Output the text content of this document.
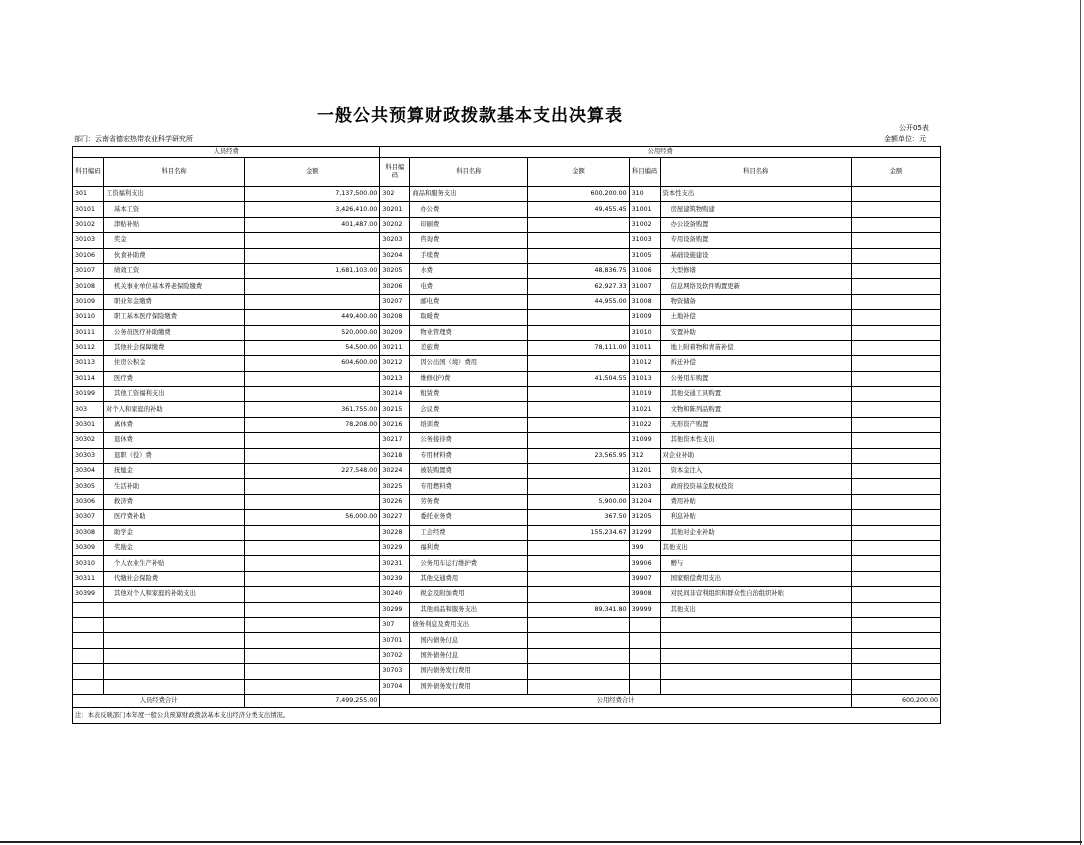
一般公共预算财政拨款基本支出决算表
公开05表
部门：云南省德宏热带农业科学研究所	金额单位：元
人员经费			公用经费					
科目编码	科目名称	金额	科目编码	科目名称	金额	科目编码	科目名称	金额
301	工资福利支出	7,137,500.00	302	商品和服务支出	600,200.00	310	资本性支出	
30101	基本工资	3,426,410.00	30201	办公费	49,455.45	31001	房屋建筑物购建	
30102	津贴补贴	401,487.00	30202	印刷费		31002	办公设备购置	
30103	奖金		30203	咨询费		31003	专用设备购置	
30106	伙食补助费		30204	手续费		31005	基础设施建设	
30107	绩效工资	1,681,103.00	30205	水费	48,836.75	31006	大型修缮	
30108	机关事业单位基本养老保险缴费		30206	电费	62,927.33	31007	信息网络及软件购置更新	
30109	职业年金缴费		30207	邮电费	44,955.00	31008	物资储备	
30110	职工基本医疗保险缴费	449,400.00	30208	取暖费		31009	土地补偿	
30111	公务员医疗补助缴费	520,000.00	30209	物业管理费		31010	安置补助	
30112	其他社会保障缴费	54,500.00	30211	差旅费	78,111.00	31011	地上附着物和青苗补偿	
30113	住房公积金	604,600.00	30212	因公出国（境）费用		31012	拆迁补偿	
30114	医疗费		30213	维修(护)费	41,504.55	31013	公务用车购置	
30199	其他工资福利支出		30214	租赁费		31019	其他交通工具购置	
303	对个人和家庭的补助	361,755.00	30215	会议费		31021	文物和陈列品购置	
30301	离休费	78,208.00	30216	培训费		31022	无形资产购置	
30302	退休费		30217	公务接待费		31099	其他资本性支出	
30303	退职（役）费		30218	专用材料费	23,565.95	312	对企业补助	
30304	抚恤金	227,548.00	30224	被装购置费		31201	资本金注入	
30305	生活补助		30225	专用燃料费		31203	政府投资基金股权投资	
30306	救济费		30226	劳务费	5,900.00	31204	费用补贴	
30307	医疗费补助	56,000.00	30227	委托业务费	367.50	31205	利息补贴	
30308	助学金		30228	工会经费	155,234.67	31299	其他对企业补助	
30309	奖励金		30229	福利费		399	其他支出	
30310	个人农业生产补贴		30231	公务用车运行维护费		39906	赠与	
30311	代缴社会保险费		30239	其他交通费用		39907	国家赔偿费用支出	
30399	其他对个人和家庭的补助支出		30240	税金及附加费用		39908	对民间非营利组织和群众性自治组织补贴	
			30299	其他商品和服务支出	89,341.80	39999	其他支出	
			307	债务利息及费用支出				
			30701	国内债务付息				
			30702	国外债务付息				
			30703	国内债务发行费用				
			30704	国外债务发行费用				
人员经费合计		7,499,255.00	公用经费合计					600,200.00
注：本表反映部门本年度一般公共预算财政拨款基本支出经济分类支出情况。								
